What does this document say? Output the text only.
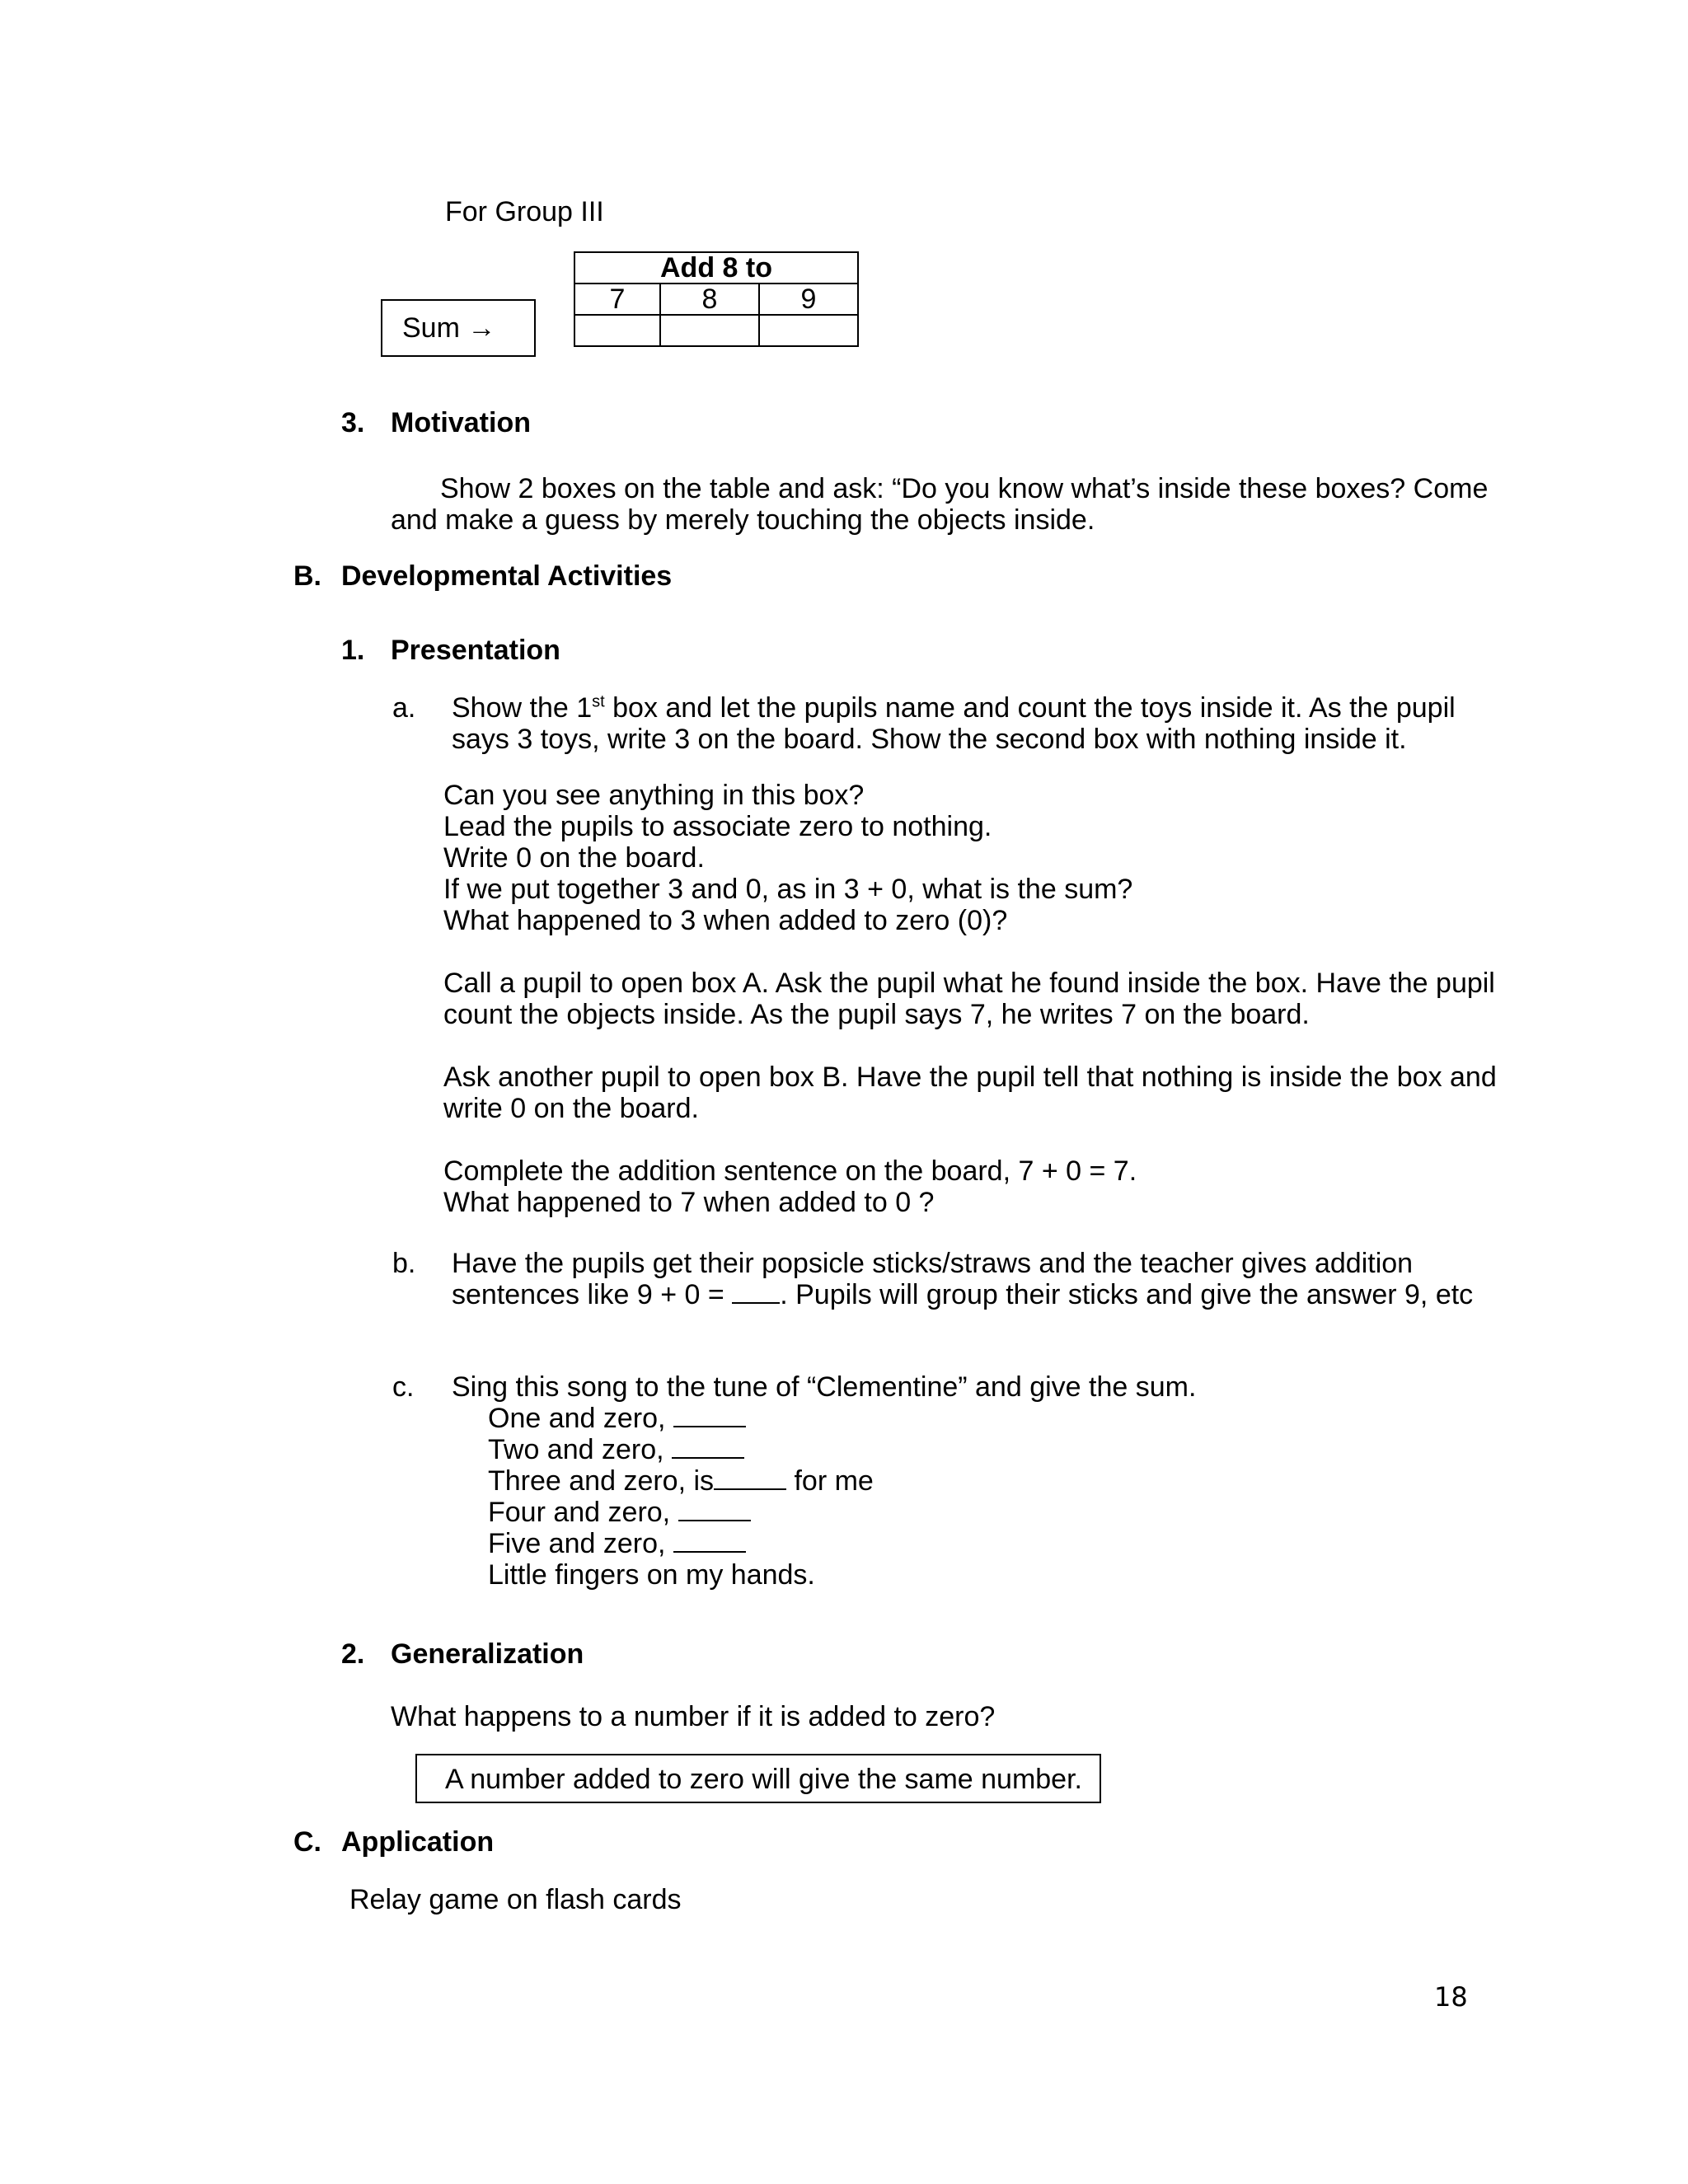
For Group III
Add 8 to		
7	8	9

Sum →
3. Motivation
Show 2 boxes on the table and ask: “Do you know what’s inside these boxes? Come
and make a guess by merely touching the objects inside.
B. Developmental Activities
1. Presentation
a. Show the 1st box and let the pupils name and count the toys inside it. As the pupil
says 3 toys, write 3 on the board. Show the second box with nothing inside it.
Can you see anything in this box?
Lead the pupils to associate zero to nothing.
Write 0 on the board.
If we put together 3 and 0, as in 3 + 0, what is the sum?
What happened to 3 when added to zero (0)?
Call a pupil to open box A. Ask the pupil what he found inside the box. Have the pupil
count the objects inside. As the pupil says 7, he writes 7 on the board.
Ask another pupil to open box B. Have the pupil tell that nothing is inside the box and
write 0 on the board.
Complete the addition sentence on the board, 7 + 0 = 7.
What happened to 7 when added to 0 ?
b. Have the pupils get their popsicle sticks/straws and the teacher gives addition
sentences like 9 + 0 = . Pupils will group their sticks and give the answer 9, etc
c. Sing this song to the tune of “Clementine” and give the sum.
One and zero,
Two and zero,
Three and zero, is	for me
Four and zero,
Five and zero,
Little fingers on my hands.
2. Generalization
What happens to a number if it is added to zero?
A number added to zero will give the same number.
C. Application
Relay game on flash cards
18
